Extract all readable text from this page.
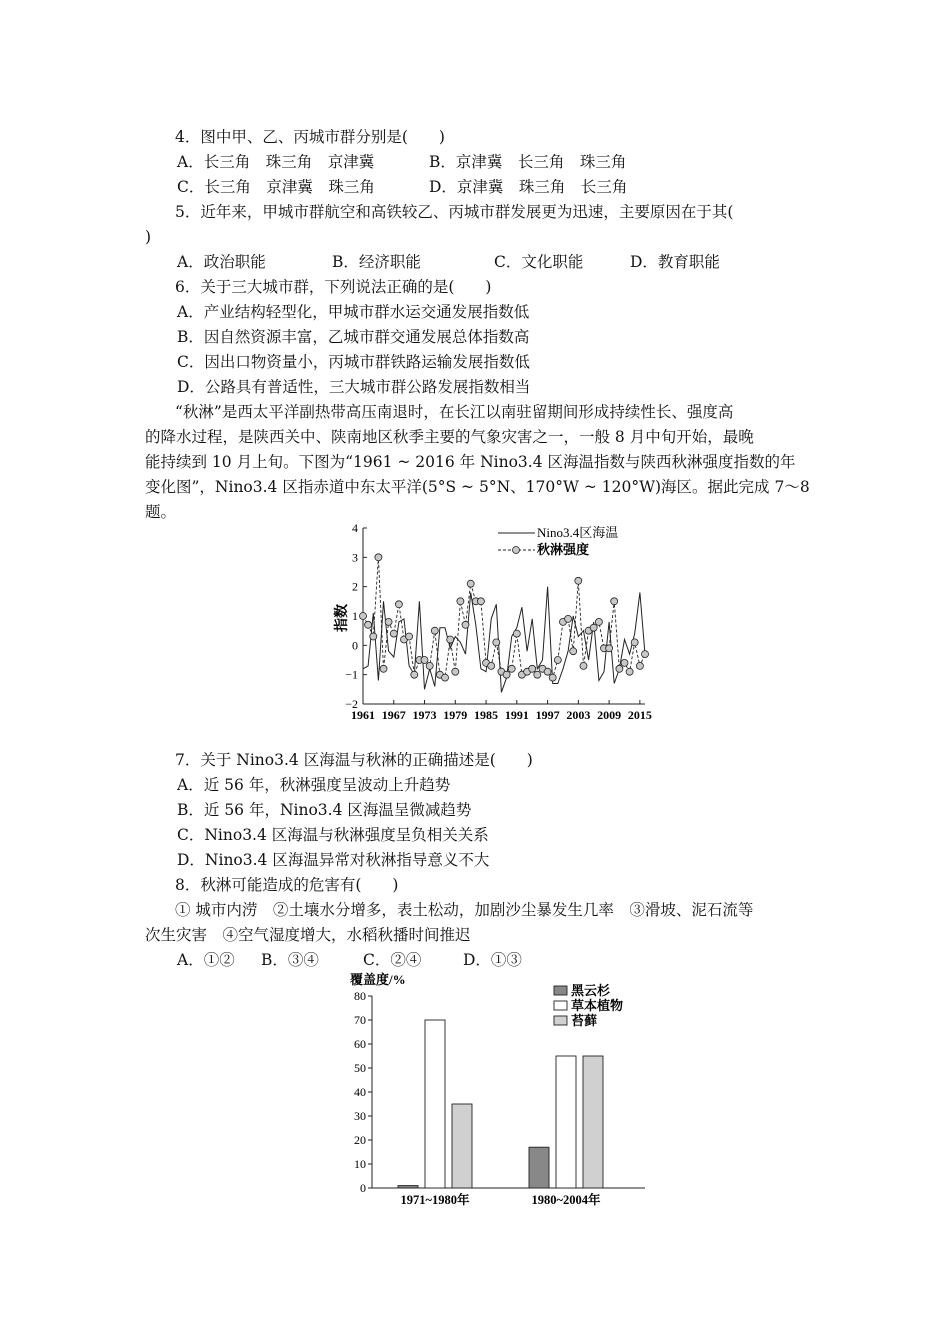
4．图中甲、乙、丙城市群分别是(　　)
A．长三角　珠三角　京津冀	B．京津冀　长三角　珠三角
C．长三角　京津冀　珠三角	D．京津冀　珠三角　长三角
5．近年来，甲城市群航空和高铁较乙、丙城市群发展更为迅速，主要原因在于其(
)
A．政治职能	B．经济职能	C．文化职能	D．教育职能
6．关于三大城市群，下列说法正确的是(　　)
A．产业结构轻型化，甲城市群水运交通发展指数低
B．因自然资源丰富，乙城市群交通发展总体指数高
C．因出口物资量小，丙城市群铁路运输发展指数低
D．公路具有普适性，三大城市群公路发展指数相当
“秋淋”是西太平洋副热带高压南退时，在长江以南驻留期间形成持续性长、强度高
的降水过程，是陕西关中、陕南地区秋季主要的气象灾害之一，一般 8 月中旬开始，最晚
能持续到 10 月上旬。下图为“1961 ~ 2016 年 Nino3.4 区海温指数与陕西秋淋强度指数的年
变化图”，Nino3.4 区指赤道中东太平洋(5°S ~ 5°N、170°W ~ 120°W)海区。据此完成 7～8
题。
指数
4
3
2
1
0
−1
−2
1961 1967 1973 1979 1985 1991 1997 2003 2009 2015
Nino3.4区海温
秋淋强度
7．关于 Nino3.4 区海温与秋淋的正确描述是(　　)
A．近 56 年，秋淋强度呈波动上升趋势
B．近 56 年，Nino3.4 区海温呈微减趋势
C．Nino3.4 区海温与秋淋强度呈负相关关系
D．Nino3.4 区海温异常对秋淋指导意义不大
8．秋淋可能造成的危害有(　　)
① 城市内涝　②土壤水分增多，表土松动，加剧沙尘暴发生几率　③滑坡、泥石流等
次生灾害　④空气湿度增大，水稻秋播时间推迟
A．①② B．③④	C．②④	D．①③
覆盖度/%
80
70
60
50
40
30
20
10
0
1971~1980年	1980~2004年
黑云杉
草本植物
苔藓
